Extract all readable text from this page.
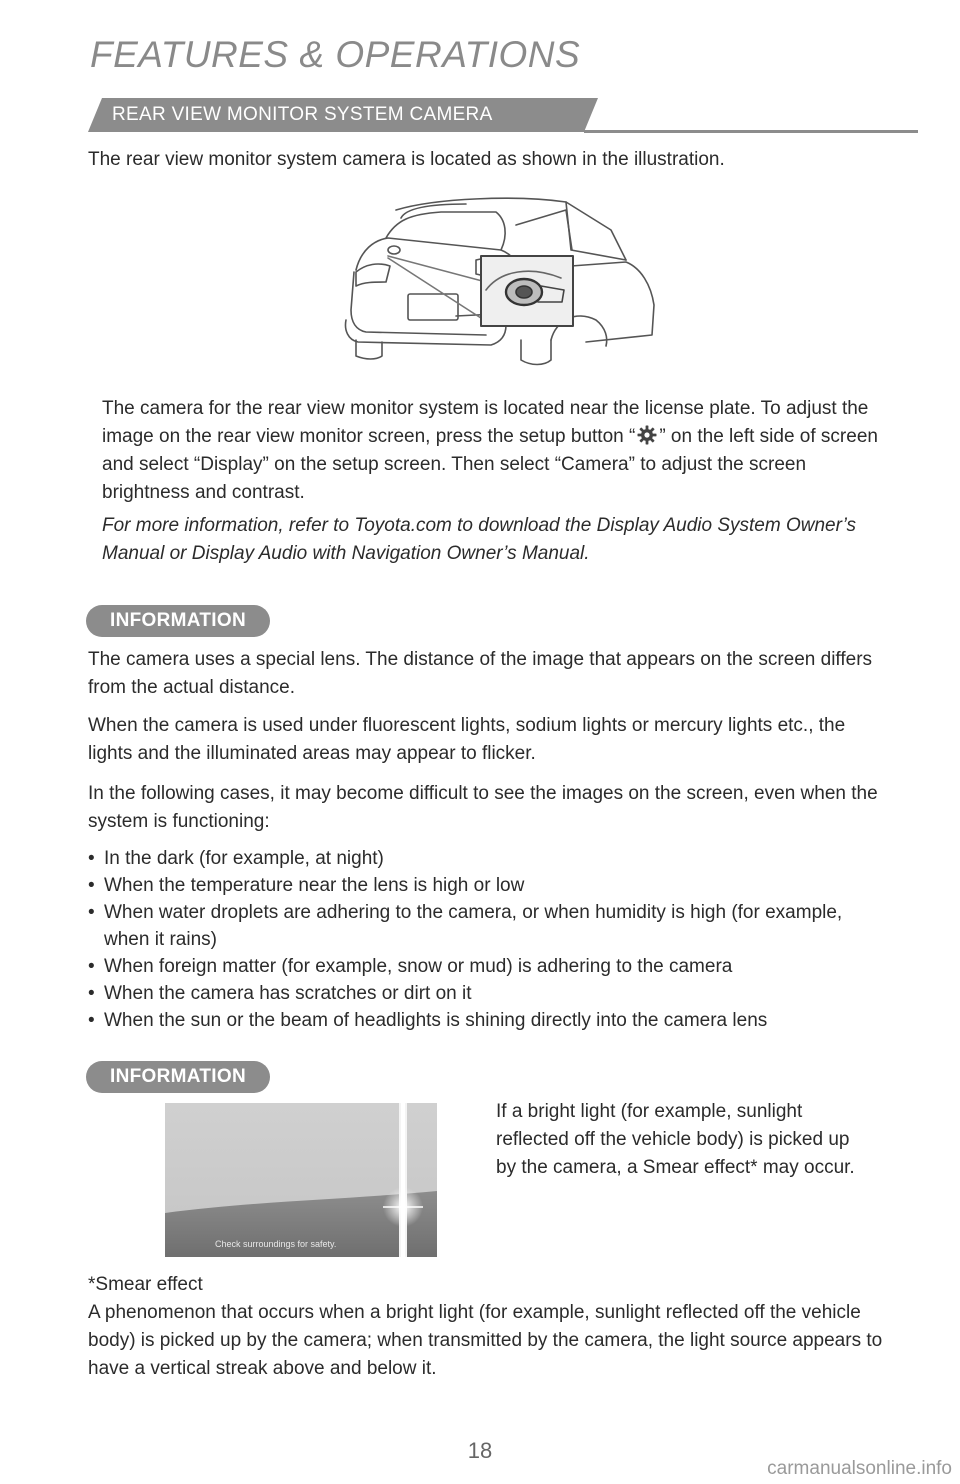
FEATURES & OPERATIONS
REAR VIEW MONITOR SYSTEM CAMERA
The rear view monitor system camera is located as shown in the illustration.

The camera for the rear view monitor system is located near the license plate. To adjust the image on the rear view monitor screen, press the setup button “ ” on the left side of screen and select “Display” on the setup screen. Then select “Camera” to adjust the screen brightness and contrast.

For more information, refer to Toyota.com to download the Display Audio System Owner’s Manual or Display Audio with Navigation Owner’s Manual.
INFORMATION

The camera uses a special lens. The distance of the image that appears on the screen differs from the actual distance.

When the camera is used under fluorescent lights, sodium lights or mercury lights etc., the lights and the illuminated areas may appear to flicker.

In the following cases, it may become difficult to see the images on the screen, even when the system is functioning:

• In the dark (for example, at night)
• When the temperature near the lens is high or low
• When water droplets are adhering to the camera, or when humidity is high (for example, when it rains)
• When foreign matter (for example, snow or mud) is adhering to the camera
• When the camera has scratches or dirt on it
• When the sun or the beam of headlights is shining directly into the camera lens
INFORMATION
Check surroundings for safety.
If a bright light (for example, sunlight reflected off the vehicle body) is picked up by the camera, a Smear effect* may occur.

*Smear effect

A phenomenon that occurs when a bright light (for example, sunlight reflected off the vehicle body) is picked up by the camera; when transmitted by the camera, the light source appears to have a vertical streak above and below it.

18
carmanualsonline.info
